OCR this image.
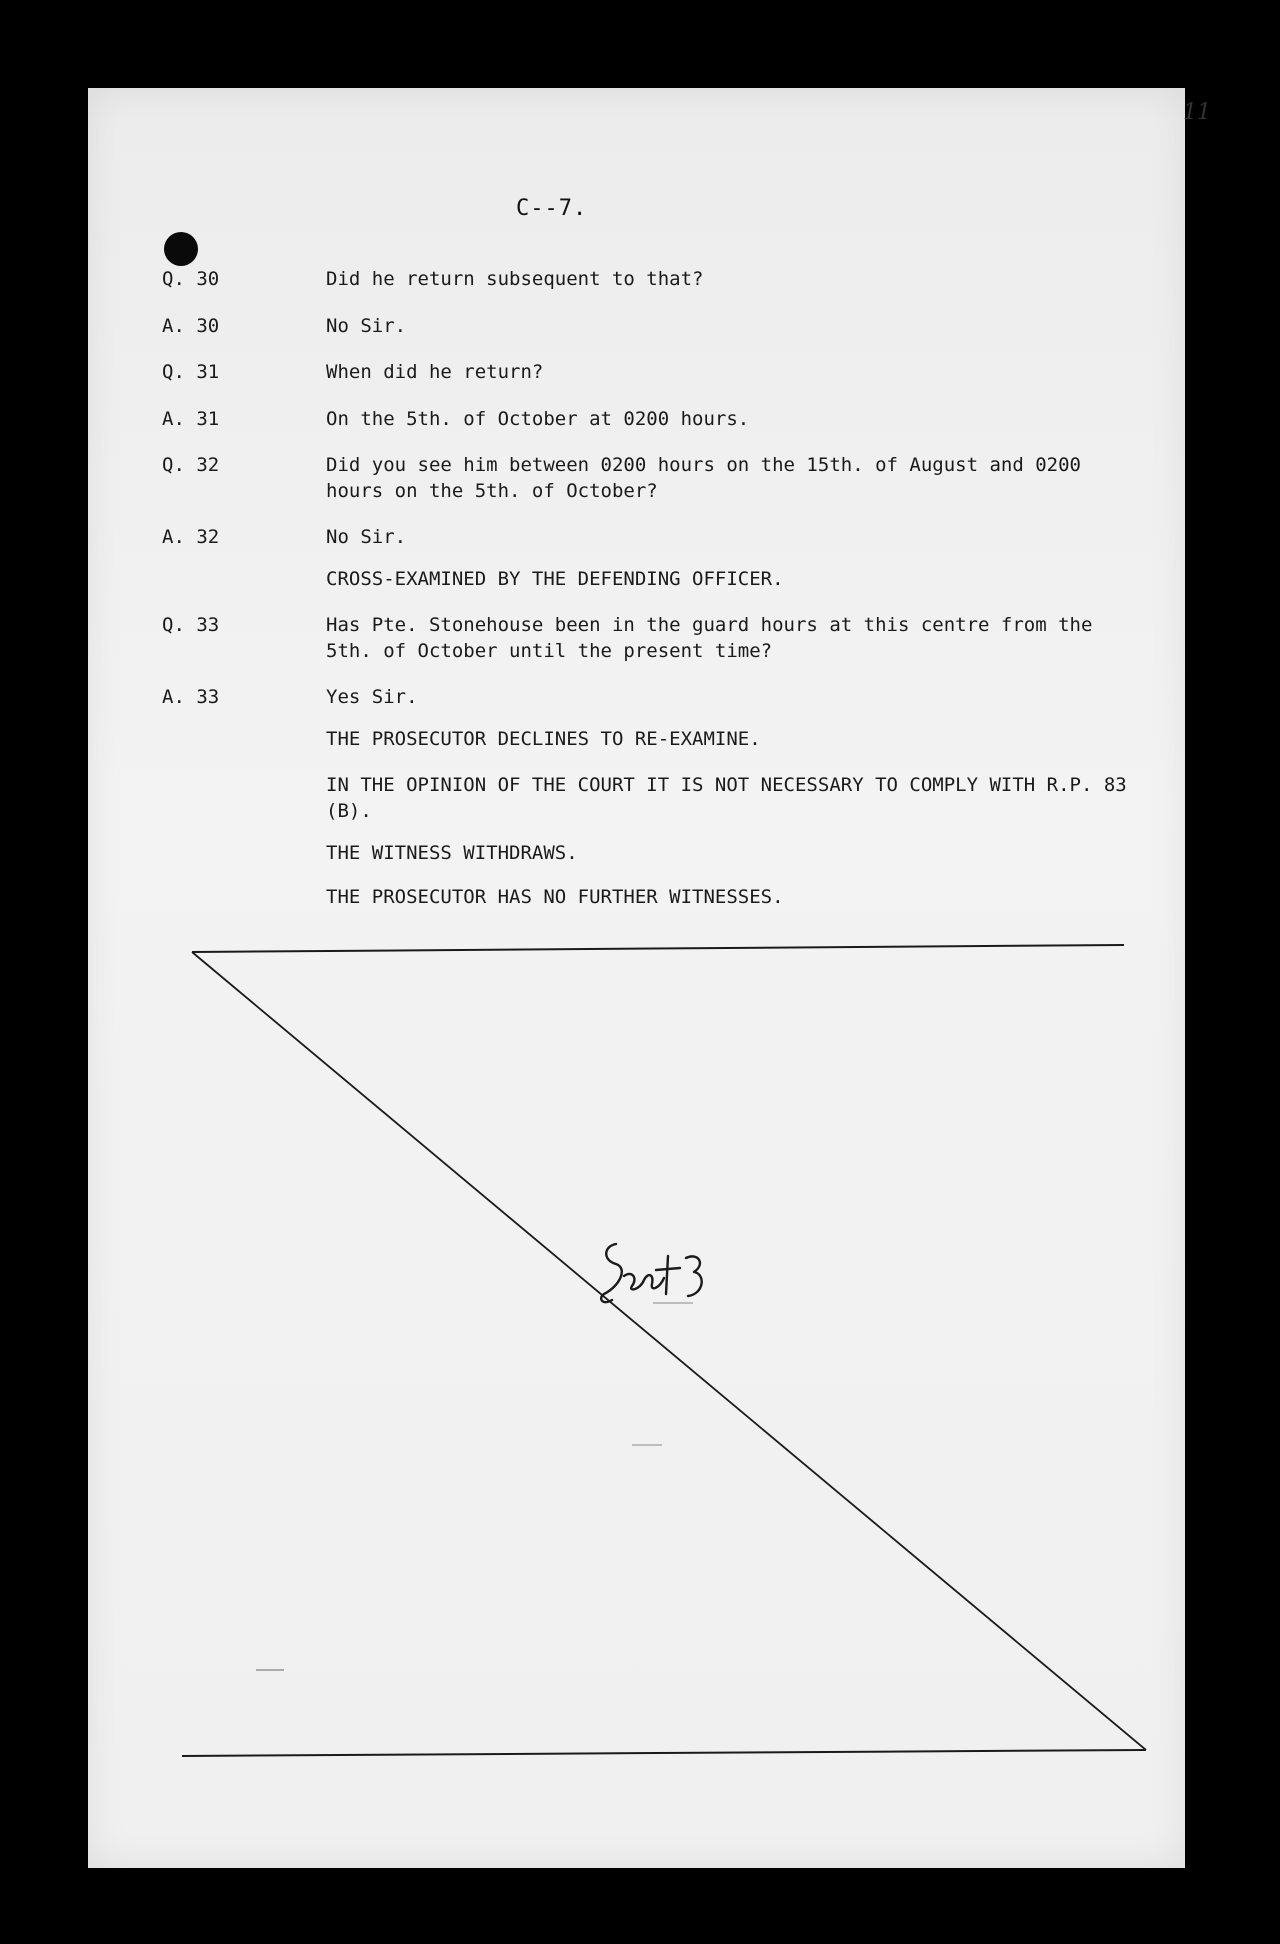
11
C--7.
Q. 30	Did he return subsequent to that?
A. 30	No Sir.
Q. 31	When did he return?
A. 31	On the 5th. of October at 0200 hours.
Q. 32	Did you see him between 0200 hours on the 15th. of August and 0200 hours on the 5th. of October?
A. 32	No Sir.
CROSS-EXAMINED BY THE DEFENDING OFFICER.
Q. 33	Has Pte. Stonehouse been in the guard hours at this centre from the 5th. of October until the present time?
A. 33	Yes Sir.
THE PROSECUTOR DECLINES TO RE-EXAMINE.
IN THE OPINION OF THE COURT IT IS NOT NECESSARY TO COMPLY WITH R.P. 83 (B).
THE WITNESS WITHDRAWS.
THE PROSECUTOR HAS NO FURTHER WITNESSES.
